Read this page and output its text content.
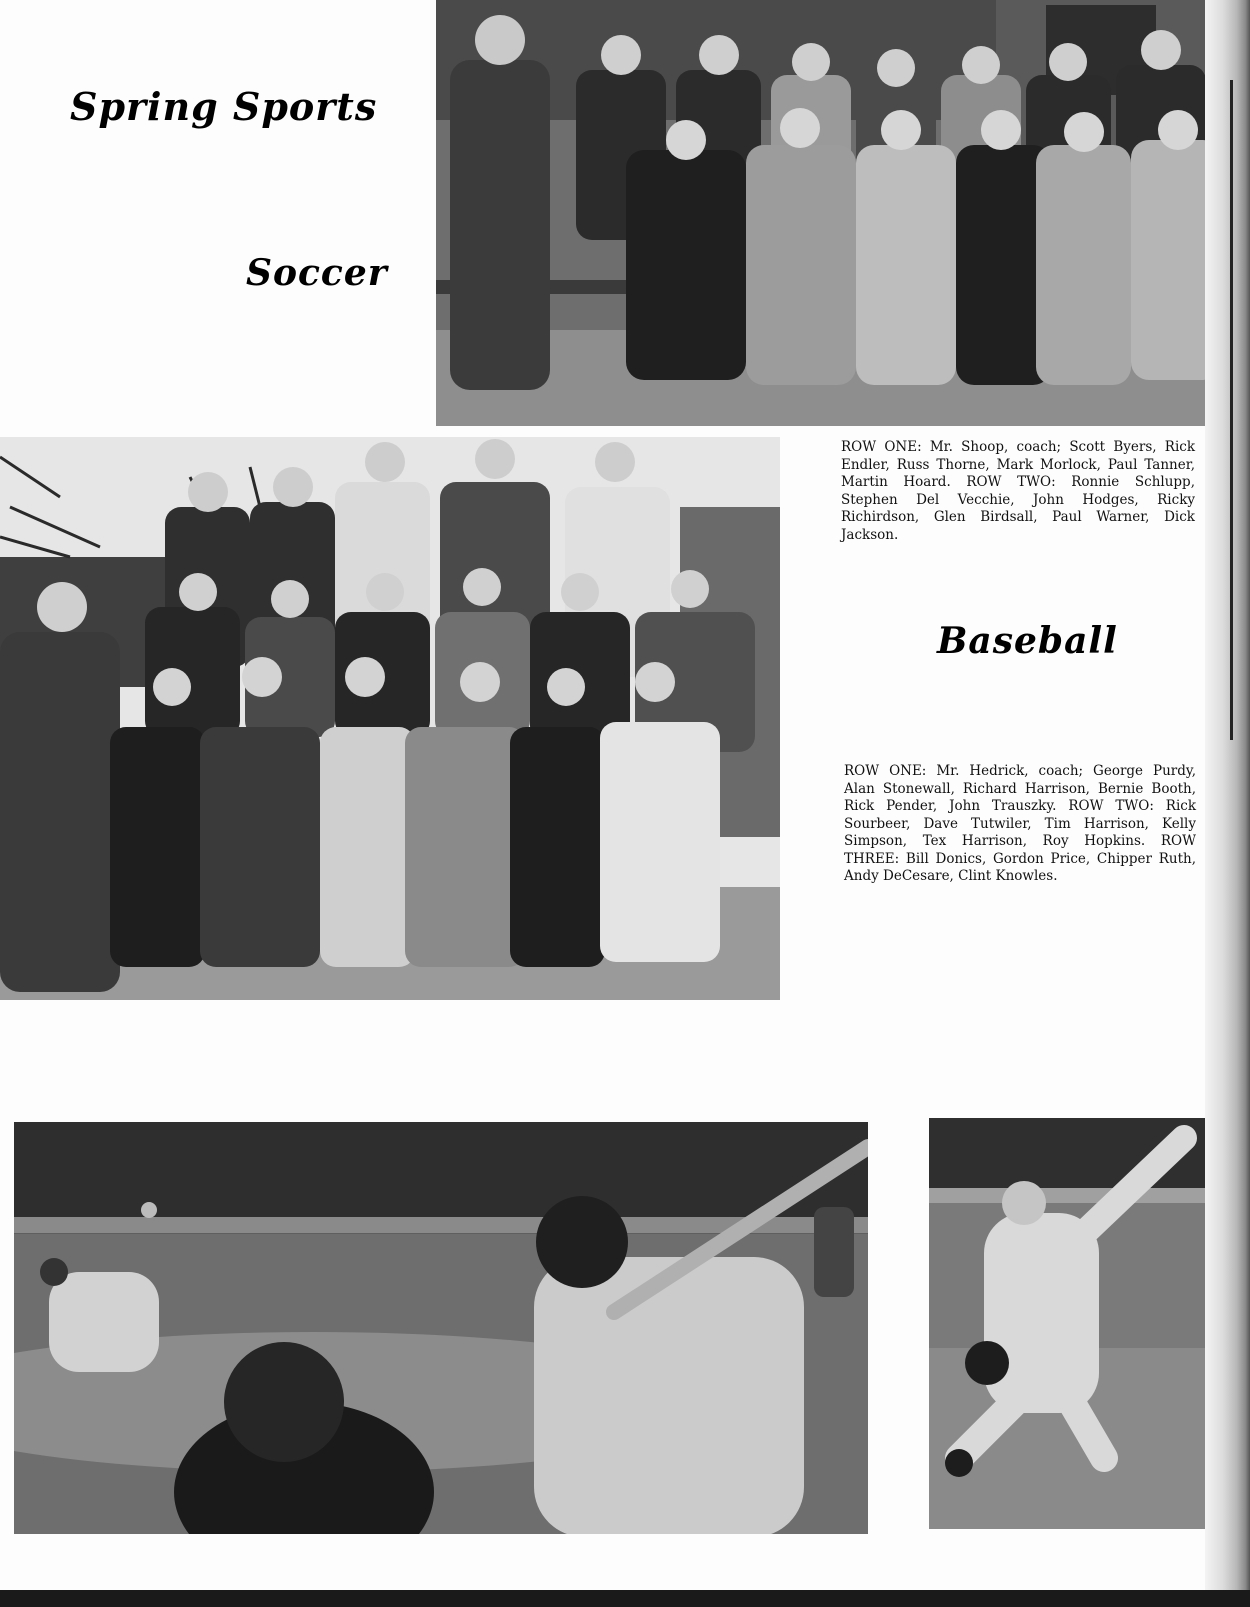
Spring Sports
Soccer
Baseball
ROW ONE: Mr. Shoop, coach; Scott Byers, Rick Endler, Russ Thorne, Mark Morlock, Paul Tanner, Martin Hoard. ROW TWO: Ronnie Schlupp, Stephen Del Vecchie, John Hodges, Ricky Richirdson, Glen Birdsall, Paul Warner, Dick Jackson.
ROW ONE: Mr. Hedrick, coach; George Purdy, Alan Stonewall, Richard Harrison, Bernie Booth, Rick Pender, John Trauszky. ROW TWO: Rick Sourbeer, Dave Tutwiler, Tim Harrison, Kelly Simpson, Tex Harrison, Roy Hopkins. ROW THREE: Bill Donics, Gordon Price, Chipper Ruth, Andy DeCesare, Clint Knowles.
